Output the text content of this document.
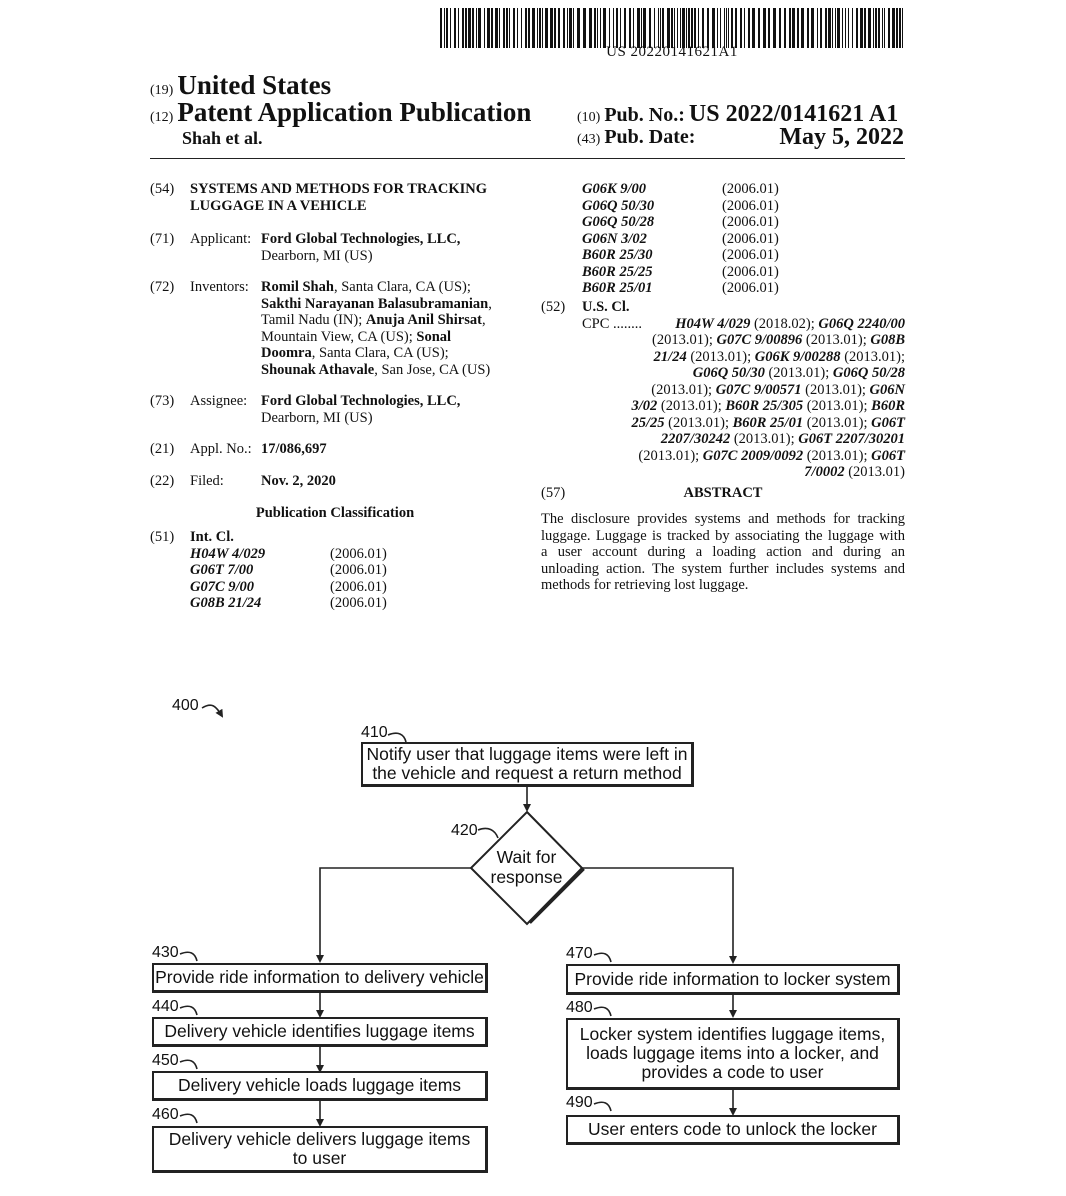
US 20220141621A1
(19) United States
(12) Patent Application Publication
Shah et al.
(10) Pub. No.: US 2022/0141621 A1
(43) Pub. Date:	May 5, 2022
(54) SYSTEMS AND METHODS FOR TRACKING
LUGGAGE IN A VEHICLE
(71) Applicant: Ford Global Technologies, LLC,
Dearborn, MI (US)
(72) Inventors: Romil Shah, Santa Clara, CA (US);
Sakthi Narayanan Balasubramanian,
Tamil Nadu (IN); Anuja Anil Shirsat,
Mountain View, CA (US); Sonal
Doomra, Santa Clara, CA (US);
Shounak Athavale, San Jose, CA (US)
(73) Assignee: Ford Global Technologies, LLC,
Dearborn, MI (US)
(21) Appl. No.: 17/086,697
(22) Filed:	Nov. 2, 2020
Publication Classification
(51) Int. Cl.
H04W 4/029	(2006.01)
G06T 7/00	(2006.01)
G07C 9/00	(2006.01)
G08B 21/24	(2006.01)
G06K 9/00	(2006.01)
G06Q 50/30	(2006.01)
G06Q 50/28	(2006.01)
G06N 3/02	(2006.01)
B60R 25/30	(2006.01)
B60R 25/25	(2006.01)
B60R 25/01	(2006.01)
(52) U.S. Cl.
CPC ........	H04W 4/029 (2018.02); G06Q 2240/00
(2013.01); G07C 9/00896 (2013.01); G08B
21/24 (2013.01); G06K 9/00288 (2013.01);
G06Q 50/30 (2013.01); G06Q 50/28
(2013.01); G07C 9/00571 (2013.01); G06N
3/02 (2013.01); B60R 25/305 (2013.01); B60R
25/25 (2013.01); B60R 25/01 (2013.01); G06T
2207/30242 (2013.01); G06T 2207/30201
(2013.01); G07C 2009/0092 (2013.01); G06T
7/0002 (2013.01)
(57)	ABSTRACT
The disclosure provides systems and methods for tracking
luggage. Luggage is tracked by associating the luggage with
a user account during a loading action and during an
unloading action. The system further includes systems and
methods for retrieving lost luggage.
400
410
Notify user that luggage items were left in
the vehicle and request a return method
420
Wait for
response
430
Provide ride information to delivery vehicle
440
Delivery vehicle identifies luggage items
450
Delivery vehicle loads luggage items
460
Delivery vehicle delivers luggage items
to user
470
Provide ride information to locker system
480
Locker system identifies luggage items,
loads luggage items into a locker, and
provides a code to user
490
User enters code to unlock the locker
